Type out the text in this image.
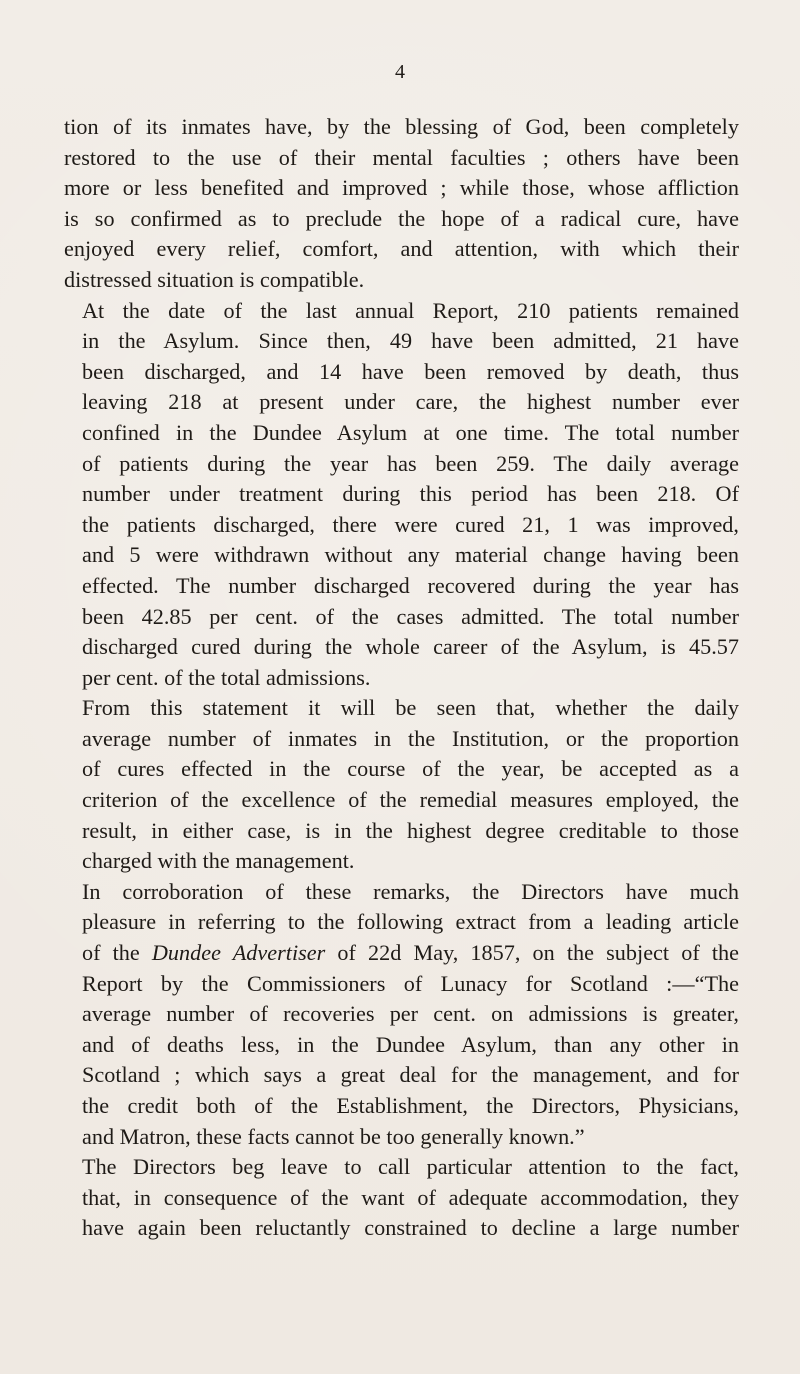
4

tion of its inmates have, by the blessing of God, been completely
restored to the use of their mental faculties ; others have been
more or less benefited and improved ; while those, whose affliction
is so confirmed as to preclude the hope of a radical cure, have
enjoyed every relief, comfort, and attention, with which their
distressed situation is compatible.

At the date of the last annual Report, 210 patients remained
in the Asylum. Since then, 49 have been admitted, 21 have
been discharged, and 14 have been removed by death, thus
leaving 218 at present under care, the highest number ever
confined in the Dundee Asylum at one time. The total number
of patients during the year has been 259. The daily average
number under treatment during this period has been 218. Of
the patients discharged, there were cured 21, 1 was improved,
and 5 were withdrawn without any material change having been
effected. The number discharged recovered during the year has
been 42.85 per cent. of the cases admitted. The total number
discharged cured during the whole career of the Asylum, is 45.57
per cent. of the total admissions.

From this statement it will be seen that, whether the daily
average number of inmates in the Institution, or the proportion
of cures effected in the course of the year, be accepted as a
criterion of the excellence of the remedial measures employed, the
result, in either case, is in the highest degree creditable to those
charged with the management.

In corroboration of these remarks, the Directors have much
pleasure in referring to the following extract from a leading article
of the Dundee Advertiser of 22d May, 1857, on the subject of the
Report by the Commissioners of Lunacy for Scotland :—“The
average number of recoveries per cent. on admissions is greater,
and of deaths less, in the Dundee Asylum, than any other in
Scotland ; which says a great deal for the management, and for
the credit both of the Establishment, the Directors, Physicians,
and Matron, these facts cannot be too generally known.”

The Directors beg leave to call particular attention to the fact,
that, in consequence of the want of adequate accommodation, they
have again been reluctantly constrained to decline a large number
